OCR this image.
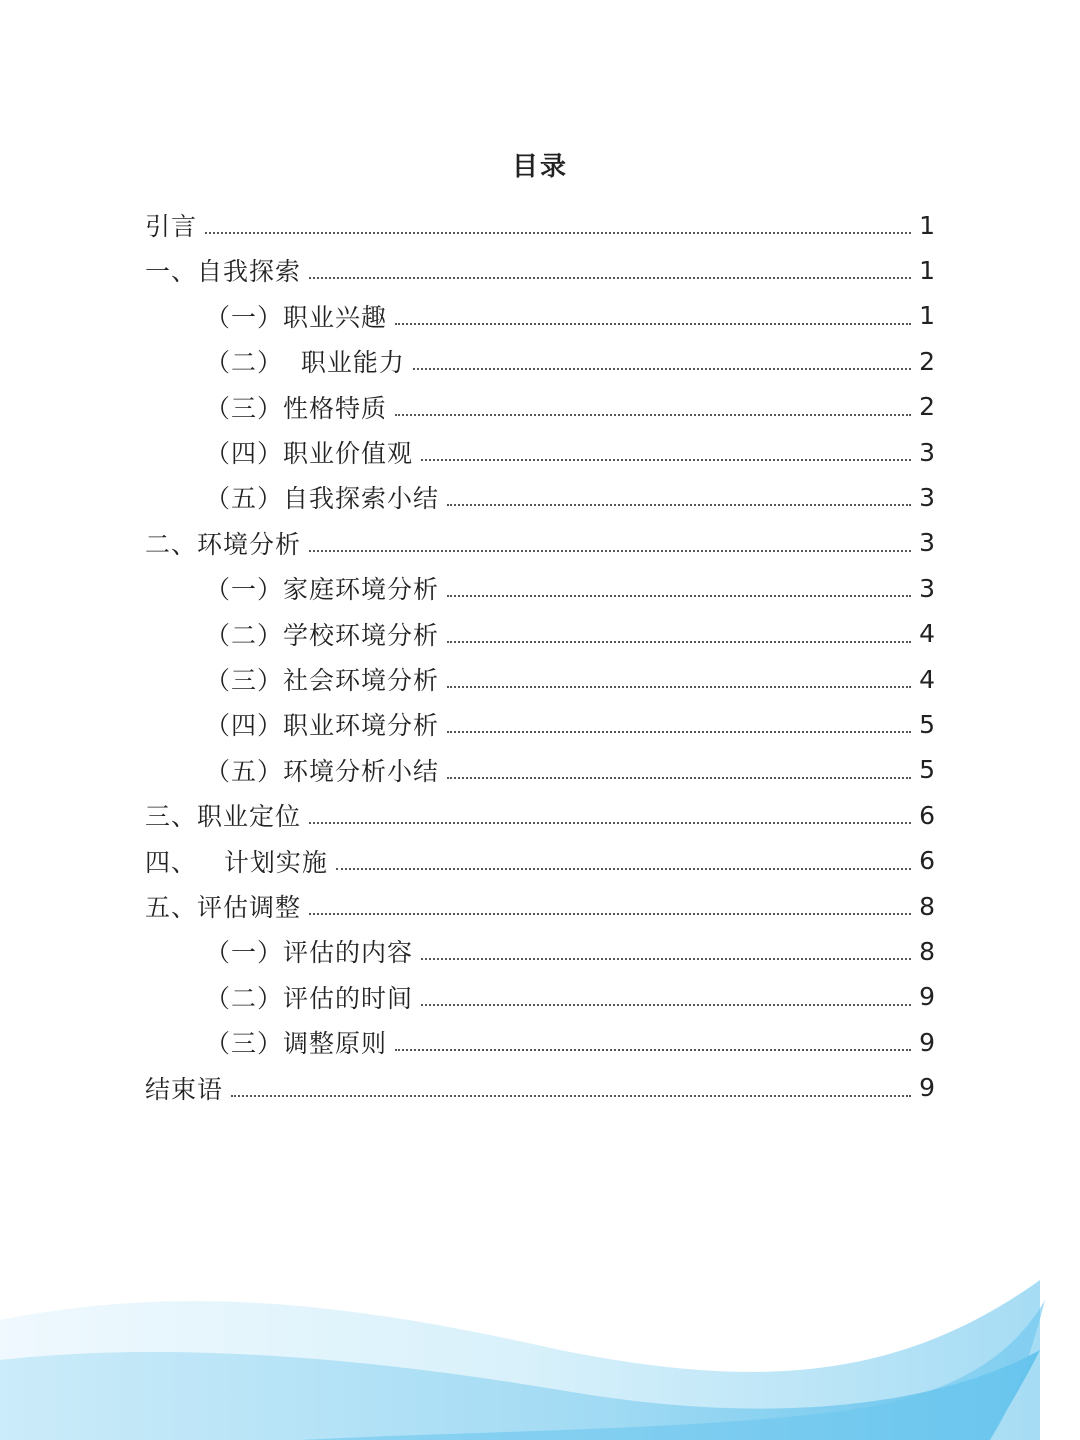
目录
引言	1
一、自我探索	1
（一）职业兴趣	1
（二）  职业能力	2
（三）性格特质	2
（四）职业价值观	3
（五）自我探索小结	3
二、环境分析	3
（一）家庭环境分析	3
（二）学校环境分析	4
（三）社会环境分析	4
（四）职业环境分析	5
（五）环境分析小结	5
三、职业定位	6
四、   计划实施	6
五、评估调整	8
（一）评估的内容	8
（二）评估的时间	9
（三）调整原则	9
结束语	9
